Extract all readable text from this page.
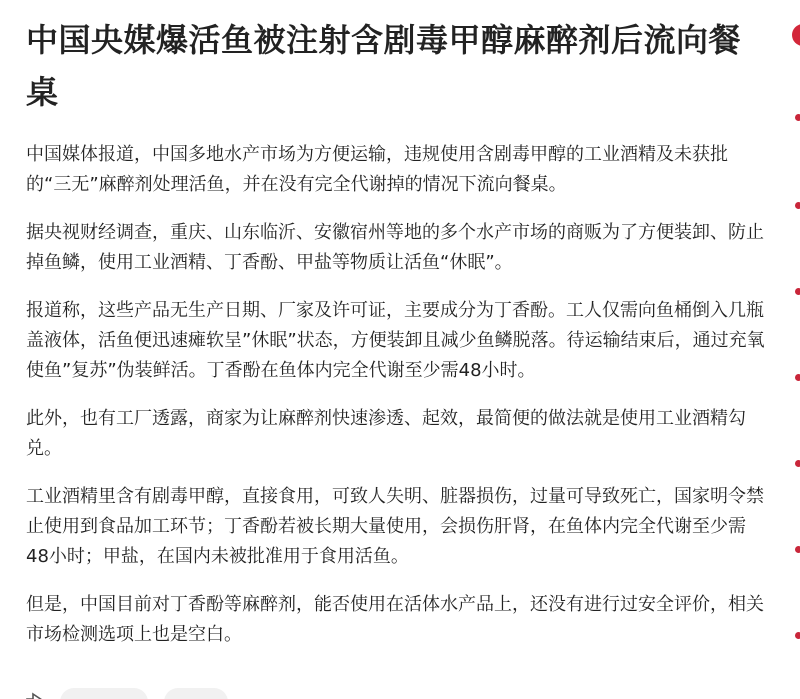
中国央媒爆活鱼被注射含剧毒甲醇麻醉剂后流向餐桌

中国媒体报道，中国多地水产市场为方便运输，违规使用含剧毒甲醇的工业酒精及未获批的“三无”麻醉剂处理活鱼，并在没有完全代谢掉的情况下流向餐桌。

据央视财经调查，重庆、山东临沂、安徽宿州等地的多个水产市场的商贩为了方便装卸、防止掉鱼鳞，使用工业酒精、丁香酚、甲盐等物质让活鱼“休眠”。

报道称，这些产品无生产日期、厂家及许可证，主要成分为丁香酚。工人仅需向鱼桶倒入几瓶盖液体，活鱼便迅速瘫软呈”休眠”状态，方便装卸且减少鱼鳞脱落。待运输结束后，通过充氧使鱼”复苏”伪装鲜活。丁香酚在鱼体内完全代谢至少需48小时。

此外，也有工厂透露，商家为让麻醉剂快速渗透、起效，最简便的做法就是使用工业酒精勾兑。

工业酒精里含有剧毒甲醇，直接食用，可致人失明、脏器损伤，过量可导致死亡，国家明令禁止使用到食品加工环节；丁香酚若被长期大量使用，会损伤肝肾，在鱼体内完全代谢至少需48小时；甲盐，在国内未被批准用于食用活鱼。

但是，中国目前对丁香酚等麻醉剂，能否使用在活体水产品上，还没有进行过安全评价，相关市场检测选项上也是空白。
